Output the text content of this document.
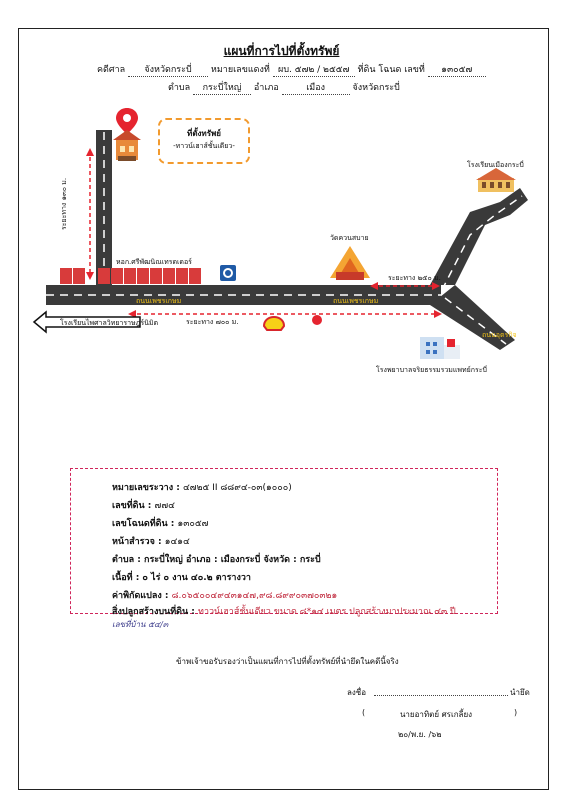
แผนที่การไปที่ตั้งทรัพย์
คดีศาล จังหวัดกระบี่ หมายเลขแดงที่ ผบ. ๕๗๒ / ๒๕๕๗ ที่ดิน โฉนด เลขที่ ๑๓๐๕๗
ตำบล กระบี่ใหญ่ อำเภอ	เมือง	จังหวัดกระบี่
ที่ตั้งทรัพย์
-ทาวน์เฮาส์ชั้นเดียว-
โรงเรียนเมืองกระบี่
วัดควนสบาย
หอก.ศรีพัฒนิณเทรดเดอร์
ระยะทาง ๒๕๐ ม.
ระยะทาง ๗๐๐ ม.
โรงเรียนไพศาลวิทยาราษฎร์นิมิต
ถนนเพชรเกษม	ถนนเพชรเกษม
ถนนอุตรกิจ
โรงพยาบาลจริยธรรมรวมแพทย์กระบี่
ระยะทาง ๑๓๐ ม.
หมายเลขระวาง : ๔๗๒๕ II ๘๘๙๔-๐๓(๑๐๐๐)
เลขที่ดิน : ๗๗๔
เลขโฉนดที่ดิน : ๑๓๐๕๗
หน้าสำรวจ : ๑๔๑๔
ตำบล : กระบี่ใหญ่ อำเภอ : เมืองกระบี่ จังหวัด : กระบี่
เนื้อที่ : ๐ ไร่ ๐ งาน ๔๐.๒ ตารางวา
ค่าพิกัดแปลง : ๘.๐๖๕๐๐๔๙๔๓๑๔๗,๙๘.๘๙๙๐๓๗๐๓๒๑
สิ่งปลูกสร้างบนที่ดิน : ทาวน์เฮาส์ชั้นเดียว ขนาด ๘*๑๔ เมตร ปลูกสร้างมาประมาณ ๔๓ ปี
เลขที่บ้าน ๕๔/๓
ข้าพเจ้าขอรับรองว่าเป็นแผนที่การไปที่ตั้งทรัพย์ที่นำยึดในคดีนี้จริง
ลงชื่อ	นำยึด
(	นายอาทิตย์ ศรเกลี้ยง	)
๒๐/พ.ย. /๖๒
